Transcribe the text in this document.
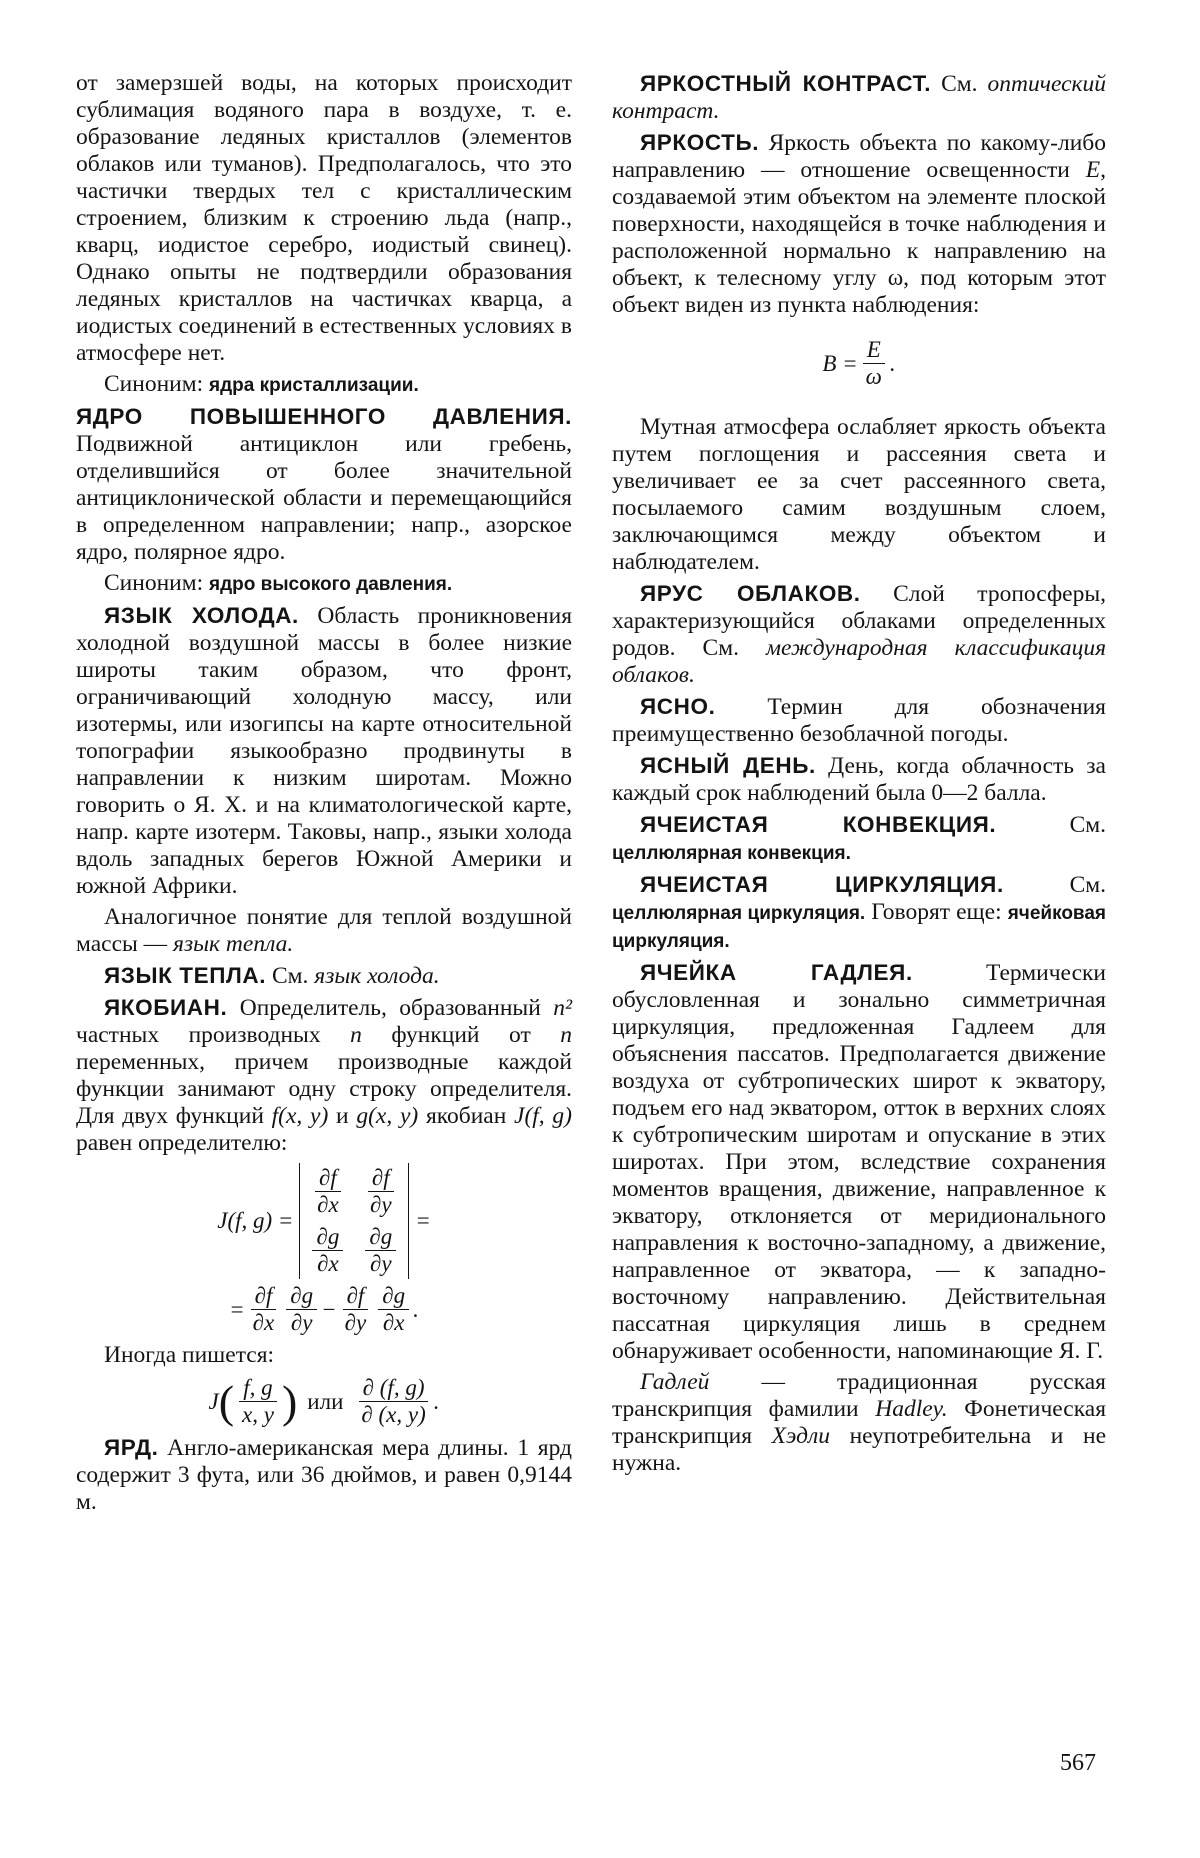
от замерзшей воды, на которых происходит сублимация водяного пара в воздухе, т. е. образование ледяных кристаллов (элементов облаков или туманов). Предполагалось, что это частички твердых тел с кристаллическим строением, близким к строению льда (напр., кварц, иодистое серебро, иодистый свинец). Однако опыты не подтвердили образования ледяных кристаллов на частичках кварца, а иодистых соединений в естественных условиях в атмосфере нет.

Синоним: ядра кристаллизации.

ЯДРО ПОВЫШЕННОГО ДАВЛЕНИЯ. Подвижной антициклон или гребень, отделившийся от более значительной антициклонической области и перемещающийся в определенном направлении; напр., азорское ядро, полярное ядро.

Синоним: ядро высокого давления.

ЯЗЫК ХОЛОДА. Область проникновения холодной воздушной массы в более низкие широты таким образом, что фронт, ограничивающий холодную массу, или изотермы, или изогипсы на карте относительной топографии языкообразно продвинуты в направлении к низким широтам. Можно говорить о Я. Х. и на климатологической карте, напр. карте изотерм. Таковы, напр., языки холода вдоль западных берегов Южной Америки и южной Африки.

Аналогичное понятие для теплой воздушной массы — язык тепла.

ЯЗЫК ТЕПЛА. См. язык холода.

ЯКОБИАН. Определитель, образованный n² частных производных n функций от n переменных, причем производные каждой функции занимают одну строку определителя. Для двух функций f(x, y) и g(x, y) якобиан J(f, g) равен определителю:

J(f, g) =
∂f
∂x
∂f
∂y
∂g
∂x
∂g
∂y
=
=
∂f
∂x
∂g
∂y
−
∂f
∂y
∂g
∂x
.

Иногда пишется:

J ( f, g
x, y ) или
∂ (f, g)
∂ (x, y)
.

ЯРД. Англо-американская мера длины. 1 ярд содержит 3 фута, или 36 дюймов, и равен 0,9144 м.

ЯРКОСТНЫЙ КОНТРАСТ. См. оптический контраст.

ЯРКОСТЬ. Яркость объекта по какому-либо направлению — отношение освещенности E, создаваемой этим объектом на элементе плоской поверхности, находящейся в точке наблюдения и расположенной нормально к направлению на объект, к телесному углу ω, под которым этот объект виден из пункта наблюдения:

B =
E
ω
.

Мутная атмосфера ослабляет яркость объекта путем поглощения и рассеяния света и увеличивает ее за счет рассеянного света, посылаемого самим воздушным слоем, заключающимся между объектом и наблюдателем.

ЯРУС ОБЛАКОВ. Слой тропосферы, характеризующийся облаками определенных родов. См. международная классификация облаков.

ЯСНО. Термин для обозначения преимущественно безоблачной погоды.

ЯСНЫЙ ДЕНЬ. День, когда облачность за каждый срок наблюдений была 0—2 балла.

ЯЧЕИСТАЯ КОНВЕКЦИЯ.	См. целлюлярная конвекция.

ЯЧЕИСТАЯ ЦИРКУЛЯЦИЯ.	См. целлюлярная циркуляция. Говорят еще: ячейковая циркуляция.

ЯЧЕЙКА ГАДЛЕЯ.	Термически обусловленная и зонально симметричная циркуляция, предложенная Гадлеем для объяснения пассатов. Предполагается движение воздуха от субтропических широт к экватору, подъем его над экватором, отток в верхних слоях к субтропическим широтам и опускание в этих широтах. При этом, вследствие сохранения моментов вращения, движение, направленное к экватору, отклоняется от меридионального направления к восточно-западному, а движение, направленное от экватора, — к западно-восточному направлению. Действительная пассатная циркуляция лишь в среднем обнаруживает особенности, напоминающие Я. Г.

Гадлей — традиционная русская транскрипция фамилии Hadley. Фонетическая транскрипция Хэдли неупотребительна и не нужна.

567
